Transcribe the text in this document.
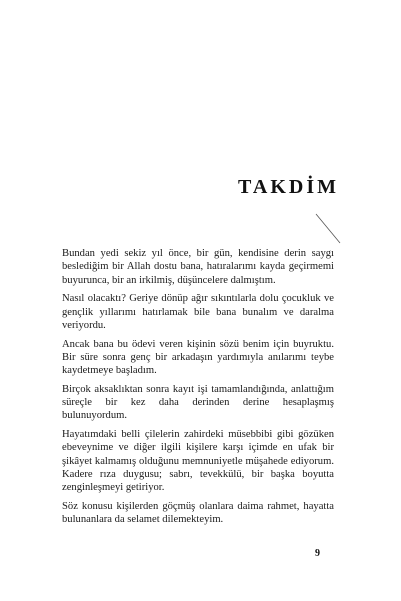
TAKDİM

Bundan yedi sekiz yıl önce, bir gün, kendisine derin saygı beslediğim bir Allah dostu bana, hatıralarımı kayda geçirmemi buyurunca, bir an irkilmiş, düşüncelere dalmıştım.

Nasıl olacaktı? Geriye dönüp ağır sıkıntılarla dolu çocukluk ve gençlik yıllarımı hatırlamak bile bana bunalım ve daralma veriyordu.

Ancak bana bu ödevi veren kişinin sözü benim için buyruktu. Bir süre sonra genç bir arkadaşın yardımıyla anılarımı teybe kaydetmeye başladım.

Birçok aksaklıktan sonra kayıt işi tamamlandığında, anlattığım süreçle bir kez daha derinden derine hesaplaşmış bulunuyordum.

Hayatımdaki belli çilelerin zahirdeki müsebbibi gibi gözüken ebeveynime ve diğer ilgili kişilere karşı içimde en ufak bir şikâyet kalmamış olduğunu memnuniyetle müşahede ediyorum. Kadere rıza duygusu; sabrı, tevekkülü, bir başka boyutta zenginleşmeyi getiriyor.

Söz konusu kişilerden göçmüş olanlara daima rahmet, hayatta bulunanlara da selamet dilemekteyim.

9
